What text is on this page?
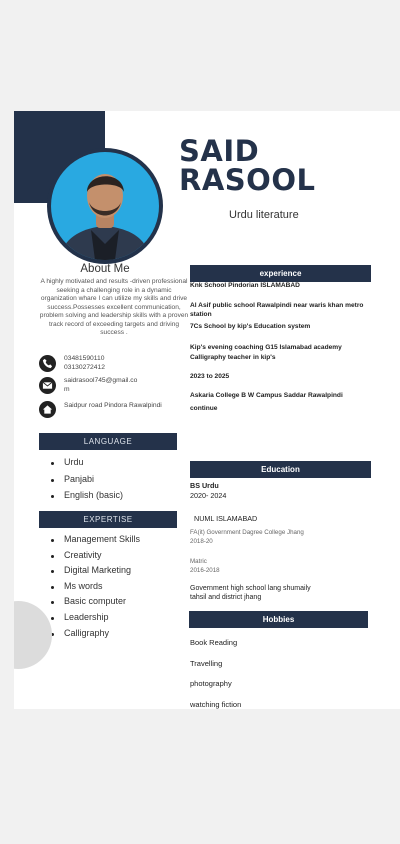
SAID
RASOOL
Urdu literature
About Me
A highly motivated and results -driven professional seeking a challenging role in a dynamic organization whare I can utilize my skills and drive success.Possesses excellent communication, problem solving and leadership skills with a proven track record of exceeding targets and driving success .
03481590110
03130272412
saidrasool745@gmail.co
m
Saidpur road Pindora Rawalpindi
LANGUAGE
Urdu
Panjabi
English (basic)
EXPERTISE
Management Skills
Creativity
Digital Marketing
Ms words
Basic computer
Leadership
Calligraphy
experience
Knk School Pindorian ISLAMABAD
Al Asif public school Rawalpindi near waris khan metro
station
7Cs School by kip's Education system
Kip's evening coaching G15 Islamabad academy
Calligraphy teacher in kip's
2023 to 2025
Askaria College B W Campus Saddar Rawalpindi
continue
Education
BS Urdu
2020- 2024
NUML ISLAMABAD
FA(it) Government Dagree College Jhang
2018-20
Matric
2016-2018
Government high school lang shumaily
tahsil and district jhang
Hobbies
Book Reading
Travelling
photography
watching fiction
